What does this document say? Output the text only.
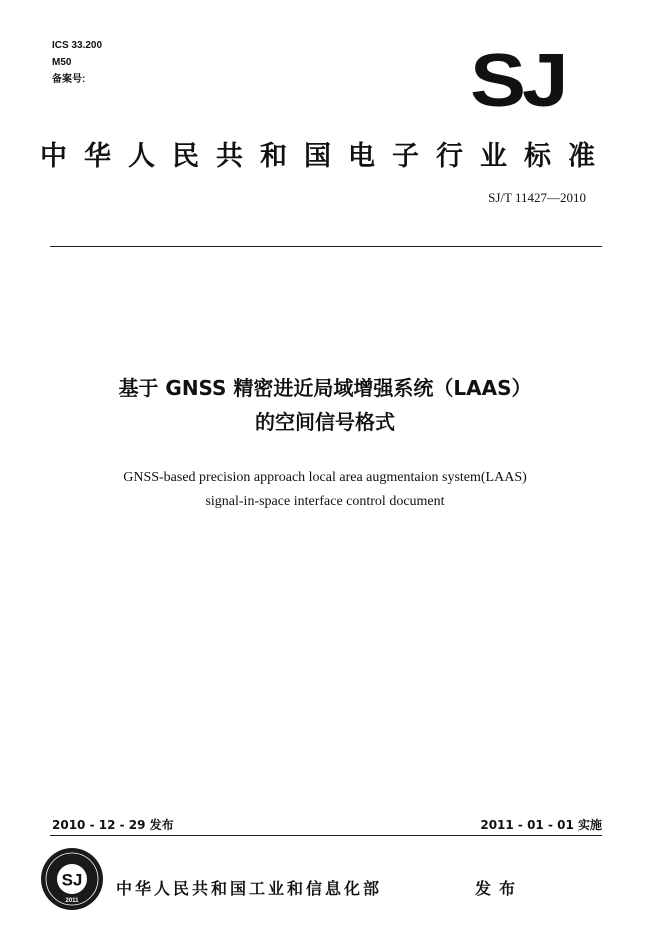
ICS 33.200
M50
备案号:	SJ
中华人民共和国电子行业标准
SJ/T 11427—2010
基于 GNSS 精密进近局域增强系统（LAAS）
的空间信号格式
GNSS-based precision approach local area augmentaion system(LAAS)
signal-in-space interface control document
2010 - 12 - 29 发布	2011 - 01 - 01 实施
SJ
2011
中华人民共和国工业和信息化部	发布
